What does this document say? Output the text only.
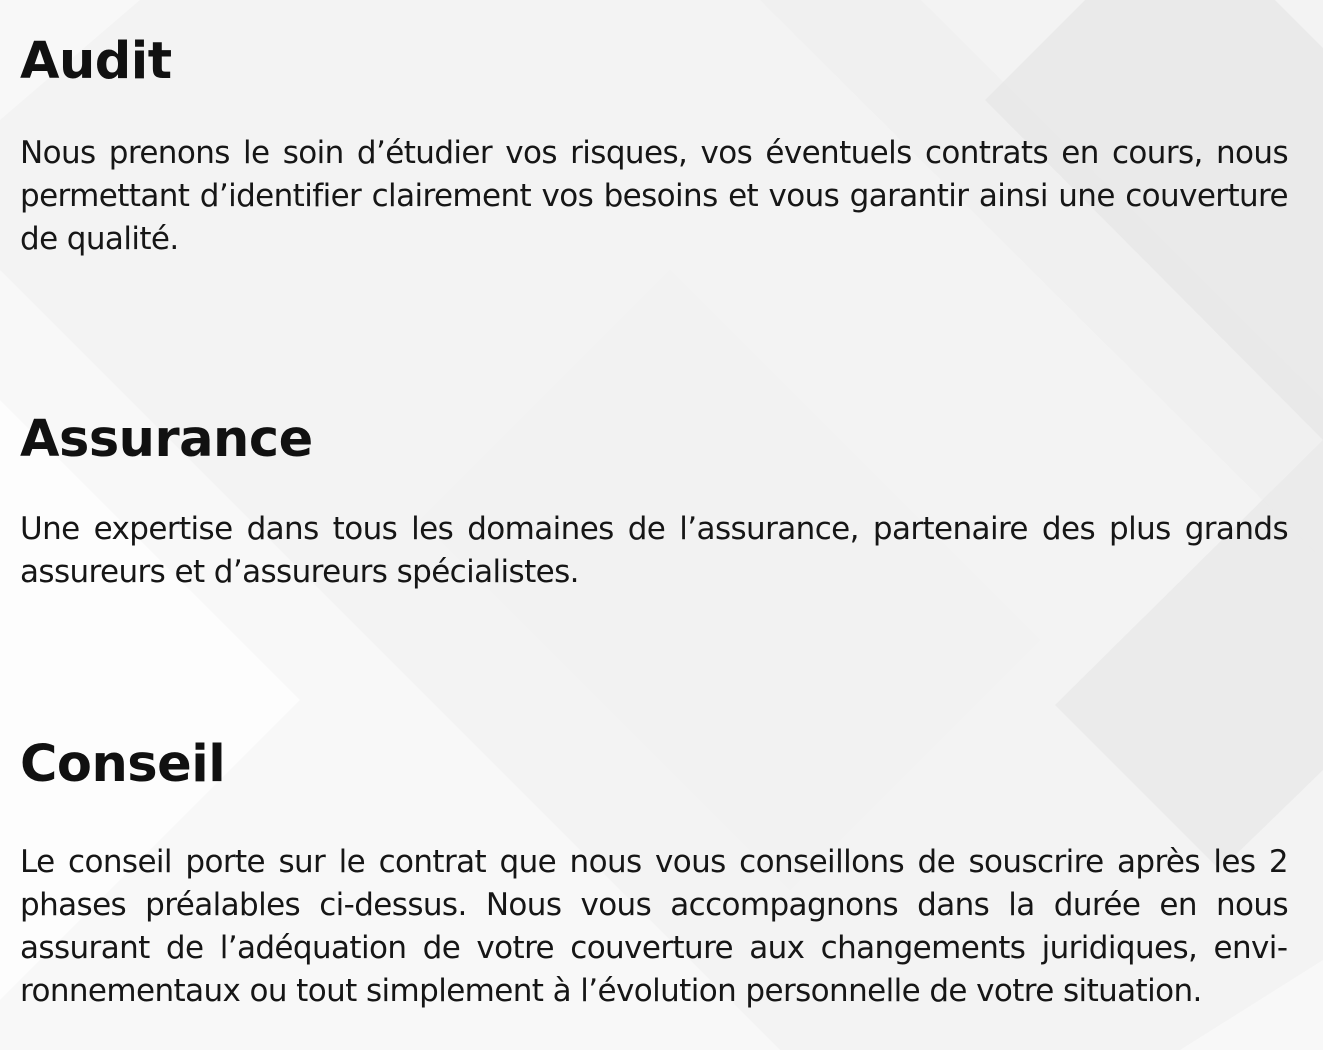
Audit

Nous prenons le soin d’étudier vos risques, vos éventuels contrats en cours, nous permettant d’identifier clairement vos besoins et vous garantir ainsi une couverture de qualité.

Assurance

Une expertise dans tous les domaines de l’assurance, partenaire des plus grands assureurs et d’assureurs spécialistes.

Conseil

Le conseil porte sur le contrat que nous vous conseillons de souscrire après les 2 phases préalables ci-dessus. Nous vous accompagnons dans la durée en nous assurant de l’adéquation de votre couverture aux changements juridiques, environnementaux ou tout simplement à l’évolution personnelle de votre situation.
